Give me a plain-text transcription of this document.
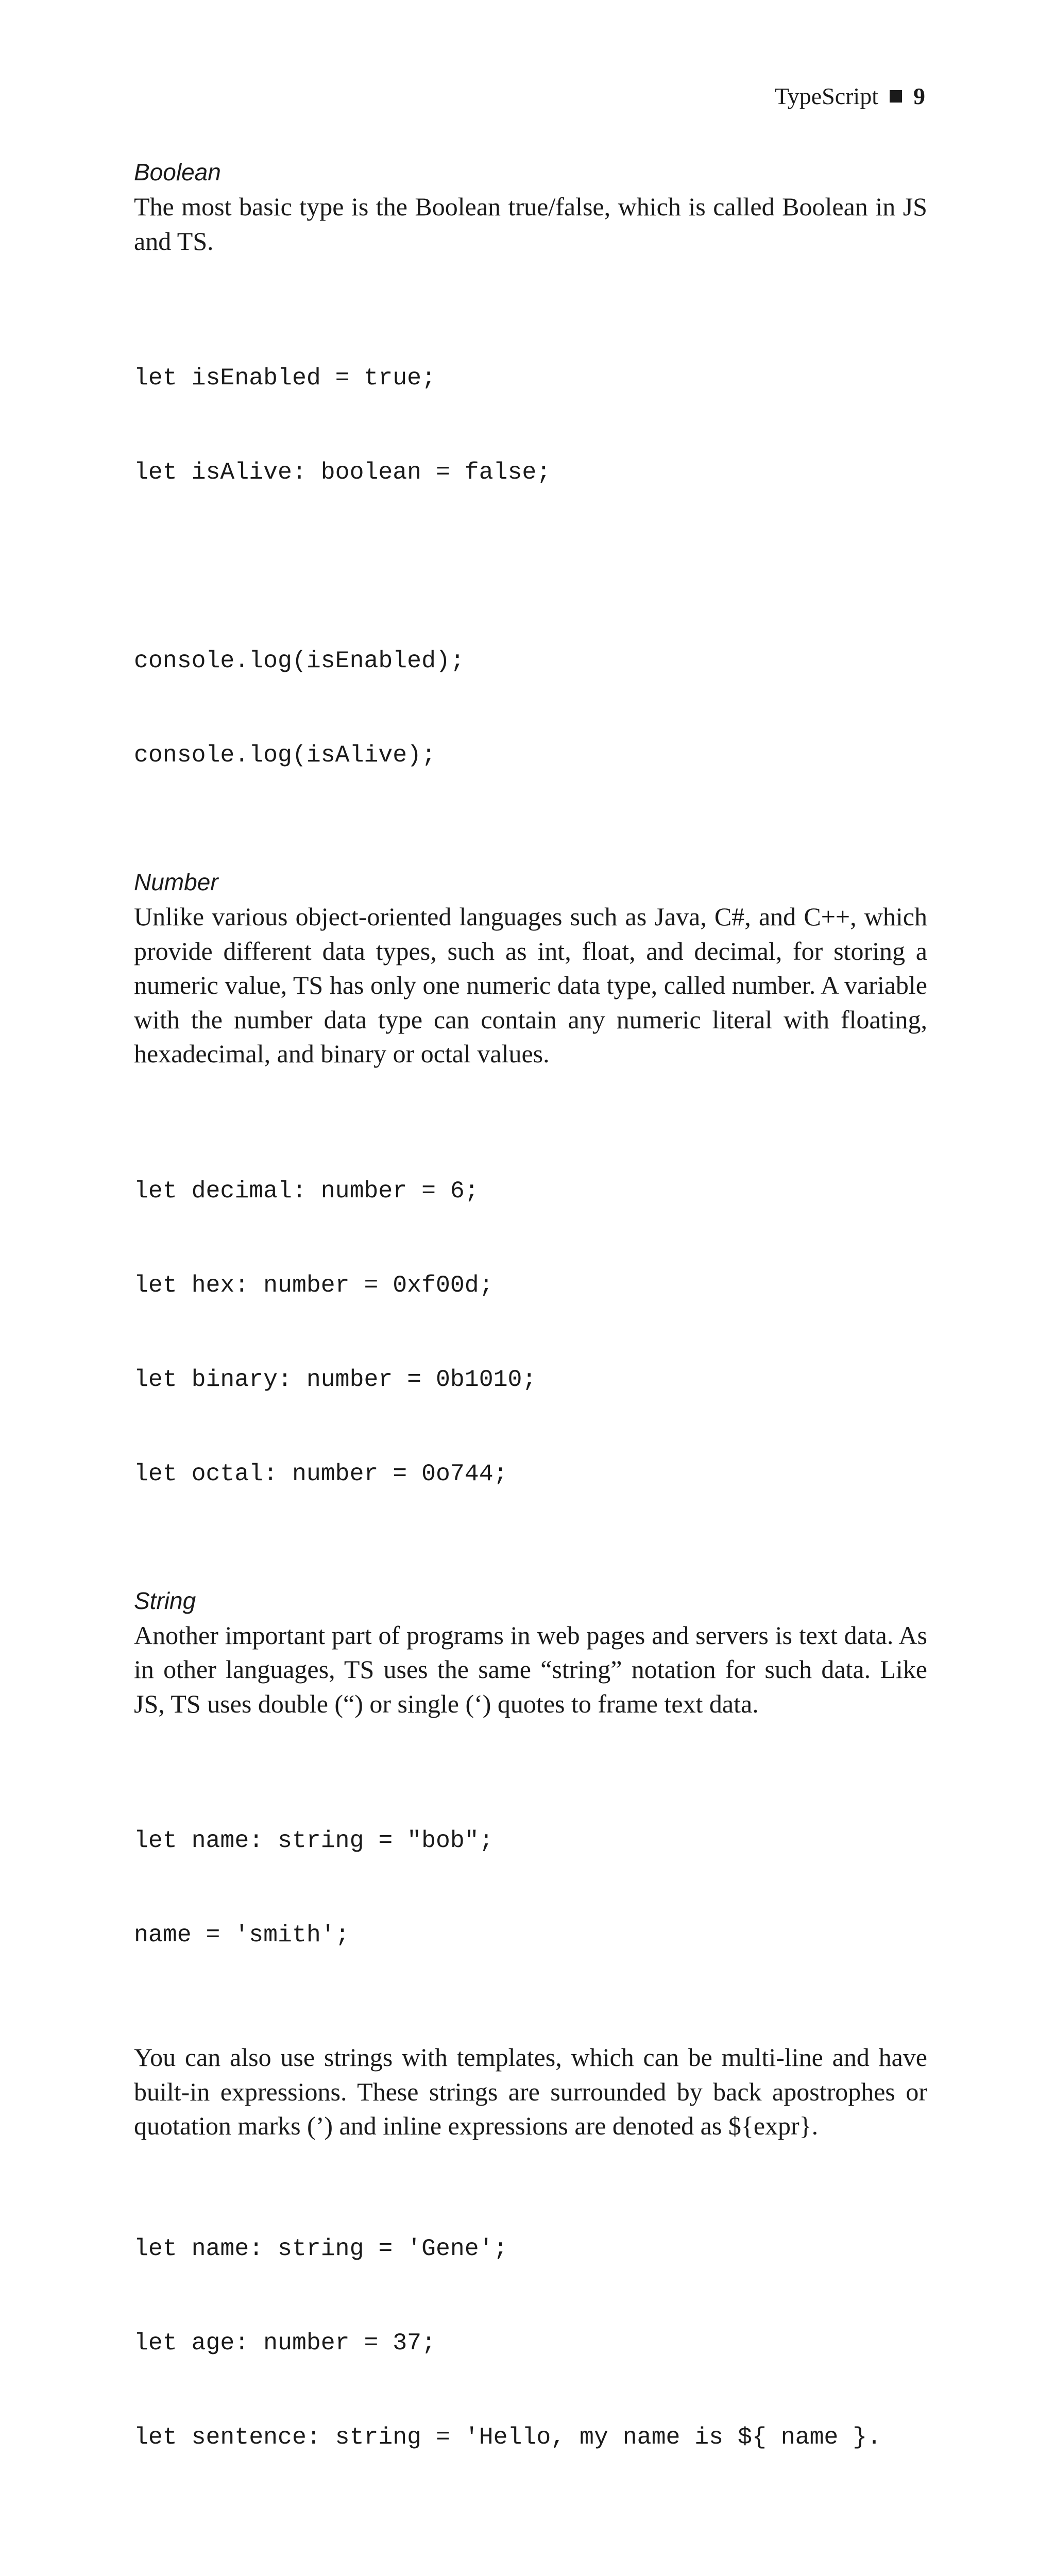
TypeScript 9

Boolean

The most basic type is the Boolean true/false, which is called Boolean in JS and TS.

let isEnabled = true;

let isAlive: boolean = false;

console.log(isEnabled);

console.log(isAlive);

Number

Unlike various object-oriented languages such as Java, C#, and C++, which provide different data types, such as int, float, and decimal, for storing a numeric value, TS has only one numeric data type, called number. A variable with the number data type can contain any numeric literal with floating, hexadecimal, and binary or octal values.

let decimal: number = 6;

let hex: number = 0xf00d;

let binary: number = 0b1010;

let octal: number = 0o744;

String

Another important part of programs in web pages and servers is text data. As in other languages, TS uses the same “string” notation for such data. Like JS, TS uses double (“) or single (‘) quotes to frame text data.

let name: string = "bob";

name = 'smith';

You can also use strings with templates, which can be multi-line and have built-in expressions. These strings are surrounded by back apostrophes or quotation marks (’) and inline expressions are denoted as ${expr}.

let name: string = 'Gene';

let age: number = 37;

let sentence: string = 'Hello, my name is ${ name }.
